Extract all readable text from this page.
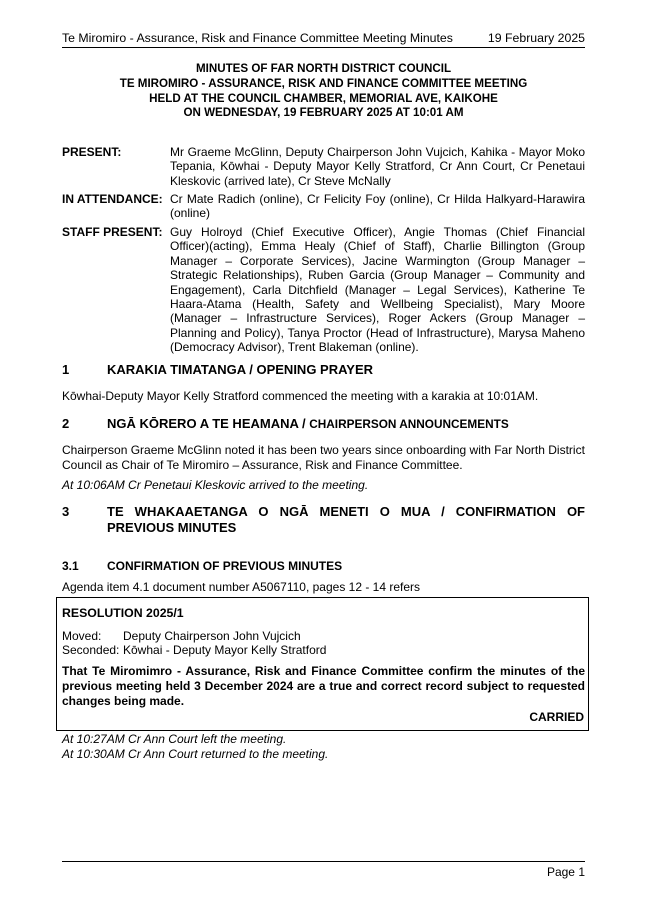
Te Miromiro - Assurance, Risk and Finance Committee Meeting Minutes	19 February 2025
MINUTES OF FAR NORTH DISTRICT COUNCIL
TE MIROMIRO - ASSURANCE, RISK AND FINANCE COMMITTEE MEETING
HELD AT THE COUNCIL CHAMBER, MEMORIAL AVE, KAIKOHE
ON WEDNESDAY, 19 FEBRUARY 2025 AT 10:01 AM
PRESENT:	Mr Graeme McGlinn, Deputy Chairperson John Vujcich, Kahika - Mayor Moko
Tepania, Kōwhai - Deputy Mayor Kelly Stratford, Cr Ann Court, Cr Penetaui
Kleskovic (arrived late), Cr Steve McNally
IN ATTENDANCE: Cr Mate Radich (online), Cr Felicity Foy (online), Cr Hilda Halkyard-Harawira
(online)
STAFF PRESENT: Guy Holroyd (Chief Executive Officer), Angie Thomas (Chief Financial
Officer)(acting), Emma Healy (Chief of Staff), Charlie Billington (Group
Manager – Corporate Services), Jacine Warmington (Group Manager –
Strategic Relationships), Ruben Garcia (Group Manager – Community and
Engagement), Carla Ditchfield (Manager – Legal Services), Katherine Te
Haara-Atama (Health, Safety and Wellbeing Specialist), Mary Moore
(Manager – Infrastructure Services), Roger Ackers (Group Manager –
Planning and Policy), Tanya Proctor (Head of Infrastructure), Marysa Maheno
(Democracy Advisor), Trent Blakeman (online).
1	KARAKIA TIMATANGA / OPENING PRAYER
Kōwhai-Deputy Mayor Kelly Stratford commenced the meeting with a karakia at 10:01AM.
2	NGĀ KŌRERO A TE HEAMANA / CHAIRPERSON ANNOUNCEMENTS
Chairperson Graeme McGlinn noted it has been two years since onboarding with Far North District
Council as Chair of Te Miromiro – Assurance, Risk and Finance Committee.
At 10:06AM Cr Penetaui Kleskovic arrived to the meeting.
3	TE WHAKAAETANGA O NGĀ MENETI O MUA / CONFIRMATION OF
PREVIOUS MINUTES
3.1 CONFIRMATION OF PREVIOUS MINUTES
Agenda item 4.1 document number A5067110, pages 12 - 14 refers
RESOLUTION 2025/1
Moved: Deputy Chairperson John Vujcich
Seconded: Kōwhai - Deputy Mayor Kelly Stratford
That Te Miromimro - Assurance, Risk and Finance Committee confirm the minutes of the
previous meeting held 3 December 2024 are a true and correct record subject to requested
changes being made.
CARRIED
At 10:27AM Cr Ann Court left the meeting.
At 10:30AM Cr Ann Court returned to the meeting.
Page 1
